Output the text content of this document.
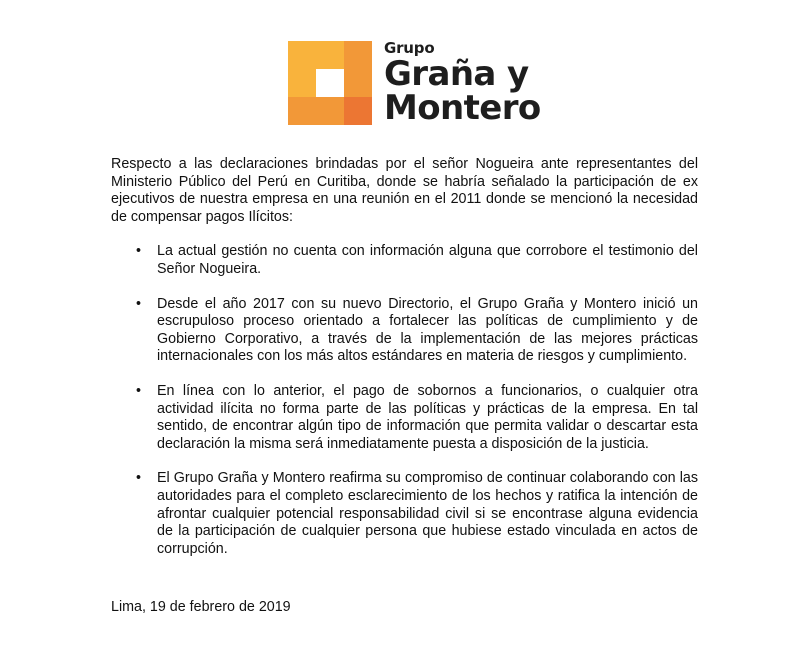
Grupo
Graña y
Montero

Respecto a las declaraciones brindadas por el señor Nogueira ante representantes del Ministerio Público del Perú en Curitiba, donde se habría señalado la participación de ex ejecutivos de nuestra empresa en una reunión en el 2011 donde se mencionó la necesidad de compensar pagos Ilícitos:

• La actual gestión no cuenta con información alguna que corrobore el testimonio del Señor Nogueira.
• Desde el año 2017 con su nuevo Directorio, el Grupo Graña y Montero inició un escrupuloso proceso orientado a fortalecer las políticas de cumplimiento y de Gobierno Corporativo, a través de la implementación de las mejores prácticas internacionales con los más altos estándares en materia de riesgos y cumplimiento.
• En línea con lo anterior, el pago de sobornos a funcionarios, o cualquier otra actividad ilícita no forma parte de las políticas y prácticas de la empresa. En tal sentido, de encontrar algún tipo de información que permita validar o descartar esta declaración la misma será inmediatamente puesta a disposición de la justicia.
• El Grupo Graña y Montero reafirma su compromiso de continuar colaborando con las autoridades para el completo esclarecimiento de los hechos y ratifica la intención de afrontar cualquier potencial responsabilidad civil si se encontrase alguna evidencia de la participación de cualquier persona que hubiese estado vinculada en actos de corrupción.
Lima, 19 de febrero de 2019
